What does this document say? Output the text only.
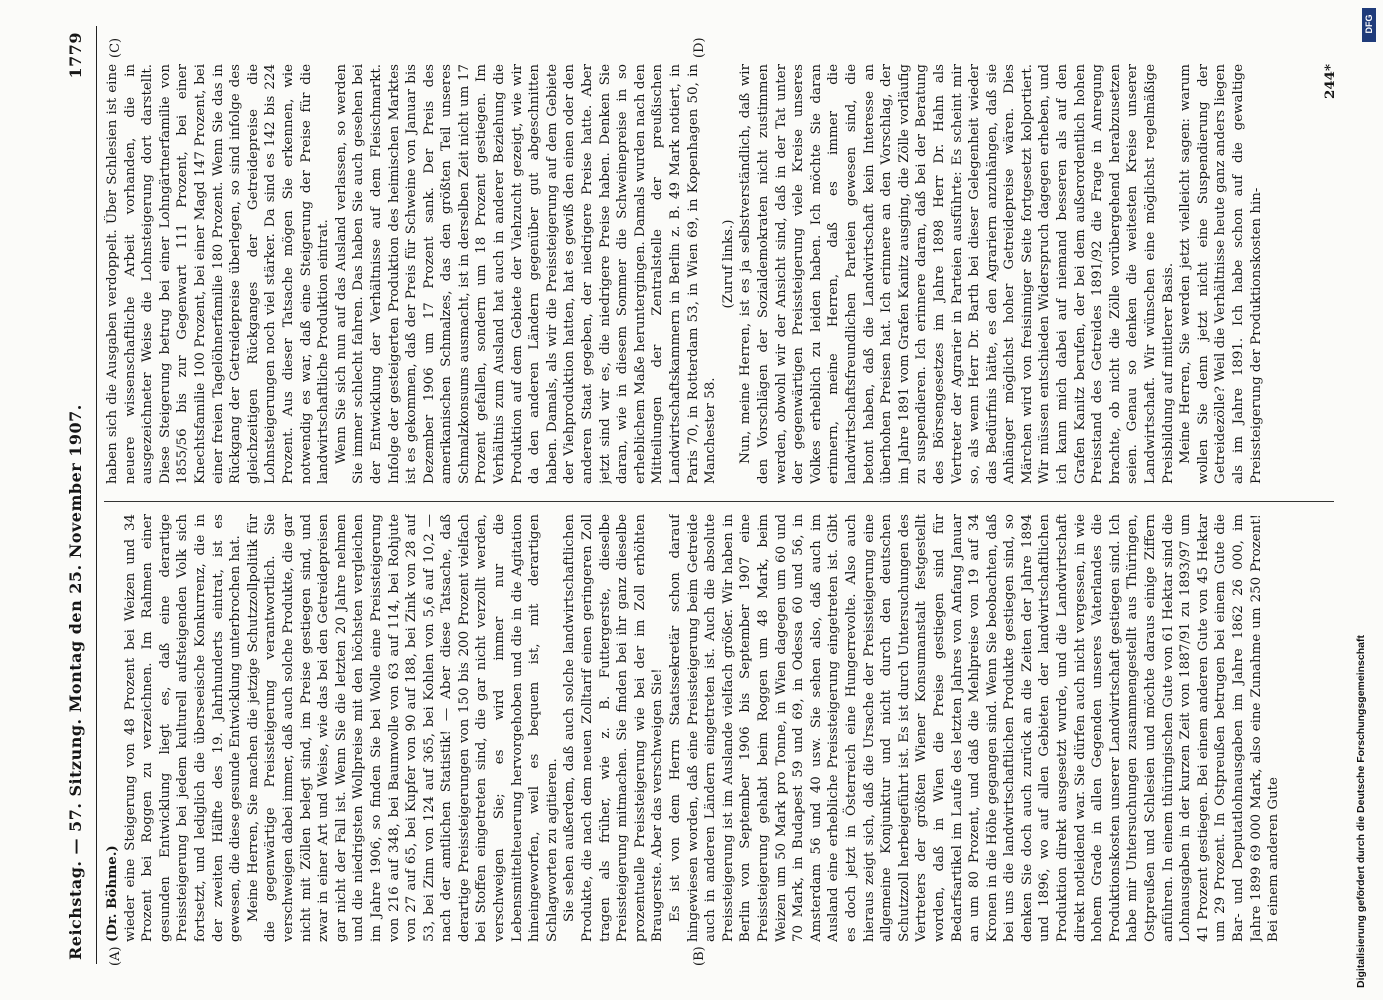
Reichstag. — 57. Sitzung. Montag den 25. November 1907.
1779
(A)	(B)
(C)	(D)

(Dr. Böhme.) wieder eine Steigerung von 48 Prozent bei Weizen und 34 Prozent bei Roggen zu verzeichnen. Im Rahmen einer gesunden Entwicklung liegt es, daß eine derartige Preissteigerung bei jedem kulturell aufsteigenden Volk sich fortsetzt, und lediglich die überseeische Konkurrenz, die in der zweiten Hälfte des 19. Jahrhunderts eintrat, ist es gewesen, die diese gesunde Entwicklung unterbrochen hat. Meine Herren, Sie machen die jetzige Schutzzollpolitik für die gegenwärtige Preissteigerung verantwortlich. Sie verschweigen dabei immer, daß auch solche Produkte, die gar nicht mit Zöllen belegt sind, im Preise gestiegen sind, und zwar in einer Art und Weise, wie das bei den Getreidepreisen gar nicht der Fall ist. Wenn Sie die letzten 20 Jahre nehmen und die niedrigsten Wollpreise mit den höchsten vergleichen im Jahre 1906, so finden Sie bei Wolle eine Preissteigerung von 216 auf 348, bei Baumwolle von 63 auf 114, bei Rohjute von 27 auf 65, bei Kupfer von 90 auf 188, bei Zink von 28 auf 53, bei Zinn von 124 auf 365, bei Kohlen von 5,6 auf 10,2 — nach der amtlichen Statistik! — Aber diese Tatsache, daß derartige Preissteigerungen von 150 bis 200 Prozent vielfach bei Stoffen eingetreten sind, die gar nicht verzollt werden, verschweigen Sie; es wird immer nur die Lebensmittelteuerung hervorgehoben und die in die Agitation hineingeworfen, weil es bequem ist, mit derartigen Schlagworten zu agitieren. Sie sehen außerdem, daß auch solche landwirtschaftlichen Produkte, die nach dem neuen Zolltarif einen geringeren Zoll tragen als früher, wie z. B. Futtergerste, dieselbe Preissteigerung mitmachen. Sie finden bei ihr ganz dieselbe prozentuelle Preissteigerung wie bei der im Zoll erhöhten Braugerste. Aber das verschweigen Sie! Es ist von dem Herrn Staatssekretär schon darauf hingewiesen worden, daß eine Preissteigerung beim Getreide auch in anderen Ländern eingetreten ist. Auch die absolute Preissteigerung ist im Auslande vielfach größer. Wir haben in Berlin von September 1906 bis September 1907 eine Preissteigerung gehabt beim Roggen um 48 Mark, beim Weizen um 50 Mark pro Tonne, in Wien dagegen um 60 und 70 Mark, in Budapest 59 und 69, in Odessa 60 und 56, in Amsterdam 56 und 40 usw. Sie sehen also, daß auch im Ausland eine erhebliche Preissteigerung eingetreten ist. Gibt es doch jetzt in Österreich eine Hungerrevolte. Also auch hieraus zeigt sich, daß die Ursache der Preissteigerung eine allgemeine Konjunktur und nicht durch den deutschen Schutzzoll herbeigeführt ist. Es ist durch Untersuchungen des Vertreters der größten Wiener Konsumanstalt festgestellt worden, daß in Wien die Preise gestiegen sind für Bedarfsartikel im Laufe des letzten Jahres von Anfang Januar an um 80 Prozent, und daß die Mehlpreise von 19 auf 34 Kronen in die Höhe gegangen sind. Wenn Sie beobachten, daß bei uns die landwirtschaftlichen Produkte gestiegen sind, so denken Sie doch auch zurück an die Zeiten der Jahre 1894 und 1896, wo auf allen Gebieten der landwirtschaftlichen Produktion direkt ausgesetzt wurde, und die Landwirtschaft direkt notleidend war. Sie dürfen auch nicht vergessen, in wie hohem Grade in allen Gegenden unseres Vaterlandes die Produktionskosten unserer Landwirtschaft gestiegen sind. Ich habe mir Untersuchungen zusammengestellt aus Thüringen, Ostpreußen und Schlesien und möchte daraus einige Ziffern anführen. In einem thüringischen Gute von 61 Hektar sind die Lohnausgaben in der kurzen Zeit von 1887/91 zu 1893/97 um 41 Prozent gestiegen. Bei einem anderen Gute von 45 Hektar um 29 Prozent. In Ostpreußen betrugen bei einem Gute die Bar- und Deputatlohnausgaben im Jahre 1862 26 000, im Jahre 1899 69 000 Mark, also eine Zunahme um 250 Prozent! Bei einem anderen Gute

haben sich die Ausgaben verdoppelt. Über Schlesien ist eine neuere wissenschaftliche Arbeit vorhanden, die in ausgezeichneter Weise die Lohnsteigerung dort darstellt. Diese Steigerung betrug bei einer Lohngärtnerfamilie von 1855/56 bis zur Gegenwart 111 Prozent, bei einer Knechtsfamilie 100 Prozent, bei einer Magd 147 Prozent, bei einer freien Tagelöhnerfamilie 180 Prozent. Wenn Sie das in Rückgang der Getreidepreise überlegen, so sind infolge des gleichzeitigen Rückganges der Getreidepreise die Lohnsteigerungen noch viel stärker. Da sind es 142 bis 224 Prozent. Aus dieser Tatsache mögen Sie erkennen, wie notwendig es war, daß eine Steigerung der Preise für die landwirtschaftliche Produktion eintrat. Wenn Sie sich nun auf das Ausland verlassen, so werden Sie immer schlecht fahren. Das haben Sie auch gesehen bei der Entwicklung der Verhältnisse auf dem Fleischmarkt. Infolge der gesteigerten Produktion des heimischen Marktes ist es gekommen, daß der Preis für Schweine von Januar bis Dezember 1906 um 17 Prozent sank. Der Preis des amerikanischen Schmalzes, das den größten Teil unseres Schmalzkonsums ausmacht, ist in derselben Zeit nicht um 17 Prozent gefallen, sondern um 18 Prozent gestiegen. Im Verhältnis zum Ausland hat auch in anderer Beziehung die Produktion auf dem Gebiete der Viehzucht gezeigt, wie wir da den anderen Ländern gegenüber gut abgeschnitten haben. Damals, als wir die Preissteigerung auf dem Gebiete der Viehproduktion hatten, hat es gewiß den einen oder den anderen Staat gegeben, der niedrigere Preise hatte. Aber jetzt sind wir es, die niedrigere Preise haben. Denken Sie daran, wie in diesem Sommer die Schweinepreise in so erheblichem Maße heruntergingen. Damals wurden nach den Mitteilungen der Zentralstelle der preußischen Landwirtschaftskammern in Berlin z. B. 49 Mark notiert, in Paris 70, in Rotterdam 53, in Wien 69, in Kopenhagen 50, in Manchester 58.

(Zuruf links.) Nun, meine Herren, ist es ja selbstverständlich, daß wir den Vorschlägen der Sozialdemokraten nicht zustimmen werden, obwohl wir der Ansicht sind, daß in der Tat unter der gegenwärtigen Preissteigerung viele Kreise unseres Volkes erheblich zu leiden haben. Ich möchte Sie daran erinnern, meine Herren, daß es immer die landwirtschaftsfreundlichen Parteien gewesen sind, die betont haben, daß die Landwirtschaft kein Interesse an überhohen Preisen hat. Ich erinnere an den Vorschlag, der im Jahre 1891 vom Grafen Kanitz ausging, die Zölle vorläufig zu suspendieren. Ich erinnere daran, daß bei der Beratung des Börsengesetzes im Jahre 1898 Herr Dr. Hahn als Vertreter der Agrarier in Parteien ausführte: Es scheint mir so, als wenn Herr Dr. Barth bei dieser Gelegenheit wieder das Bedürfnis hätte, es den Agrariern anzuhängen, daß sie Anhänger möglichst hoher Getreidepreise wären. Dies Märchen wird von freisinniger Seite fortgesetzt kolportiert. Wir müssen entschieden Widerspruch dagegen erheben, und ich kann mich dabei auf niemand besseren als auf den Grafen Kanitz berufen, der bei dem außerordentlich hohen Preisstand des Getreides 1891/92 die Frage in Anregung brachte, ob nicht die Zölle vorübergehend herabzusetzen seien. Genau so denken die weitesten Kreise unserer Landwirtschaft. Wir wünschen eine möglichst regelmäßige Preisbildung auf mittlerer Basis. Meine Herren, Sie werden jetzt vielleicht sagen: warum wollen Sie denn jetzt nicht eine Suspendierung der Getreidezölle? Weil die Verhältnisse heute ganz anders liegen als im Jahre 1891. Ich habe schon auf die gewaltige Preissteigerung der Produktionskosten hin-

244*
DFG
Digitalisierung gefördert durch die Deutsche Forschungsgemeinschaft
